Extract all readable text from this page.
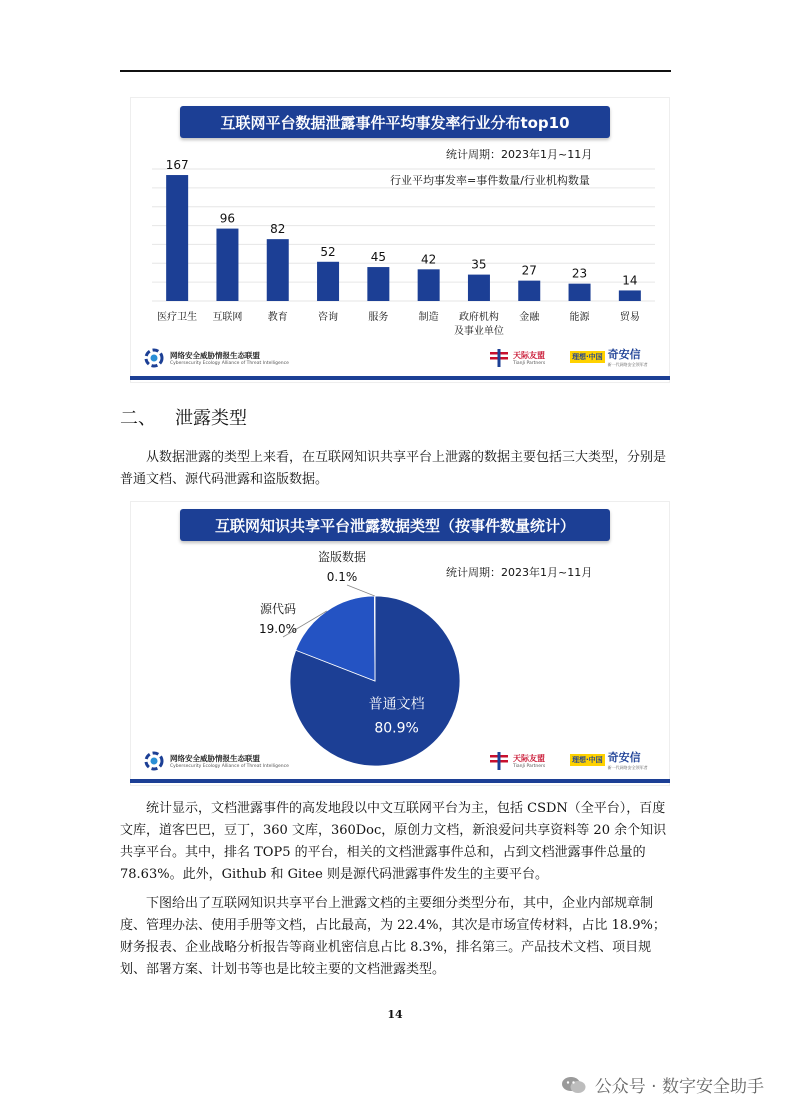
互联网平台数据泄露事件平均事发率行业分布top10
统计周期：2023年1月~11月
行业平均事发率=事件数量/行业机构数量
167
医疗卫生
96
互联网
82
教育
52
咨询
45
服务
42
制造
35
政府机构
及事业单位
27
金融
23
能源
14
贸易
网络安全威胁情报生态联盟
Cybersecurity Ecology Alliance of Threat Intelligence
天际友盟
TianJi Partners
理想·中国 奇安信
新一代网络安全领军者
二、 泄露类型
从数据泄露的类型上来看，在互联网知识共享平台上泄露的数据主要包括三大类型，分别是普通文档、源代码泄露和盗版数据。
互联网知识共享平台泄露数据类型（按事件数量统计）
统计周期：2023年1月~11月
普通文档
80.9%
源代码
19.0%
盗版数据
0.1%
网络安全威胁情报生态联盟
Cybersecurity Ecology Alliance of Threat Intelligence
天际友盟
TianJi Partners
理想·中国 奇安信
新一代网络安全领军者
统计显示，文档泄露事件的高发地段以中文互联网平台为主，包括 CSDN（全平台），百度文库，道客巴巴，豆丁，360 文库，360Doc，原创力文档，新浪爱问共享资料等 20 余个知识共享平台。其中，排名 TOP5 的平台，相关的文档泄露事件总和，占到文档泄露事件总量的 78.63%。此外，Github 和 Gitee 则是源代码泄露事件发生的主要平台。
下图给出了互联网知识共享平台上泄露文档的主要细分类型分布，其中，企业内部规章制度、管理办法、使用手册等文档，占比最高，为 22.4%，其次是市场宣传材料，占比 18.9%；财务报表、企业战略分析报告等商业机密信息占比 8.3%，排名第三。产品技术文档、项目规划、部署方案、计划书等也是比较主要的文档泄露类型。
14
公众号 · 数字安全助手
